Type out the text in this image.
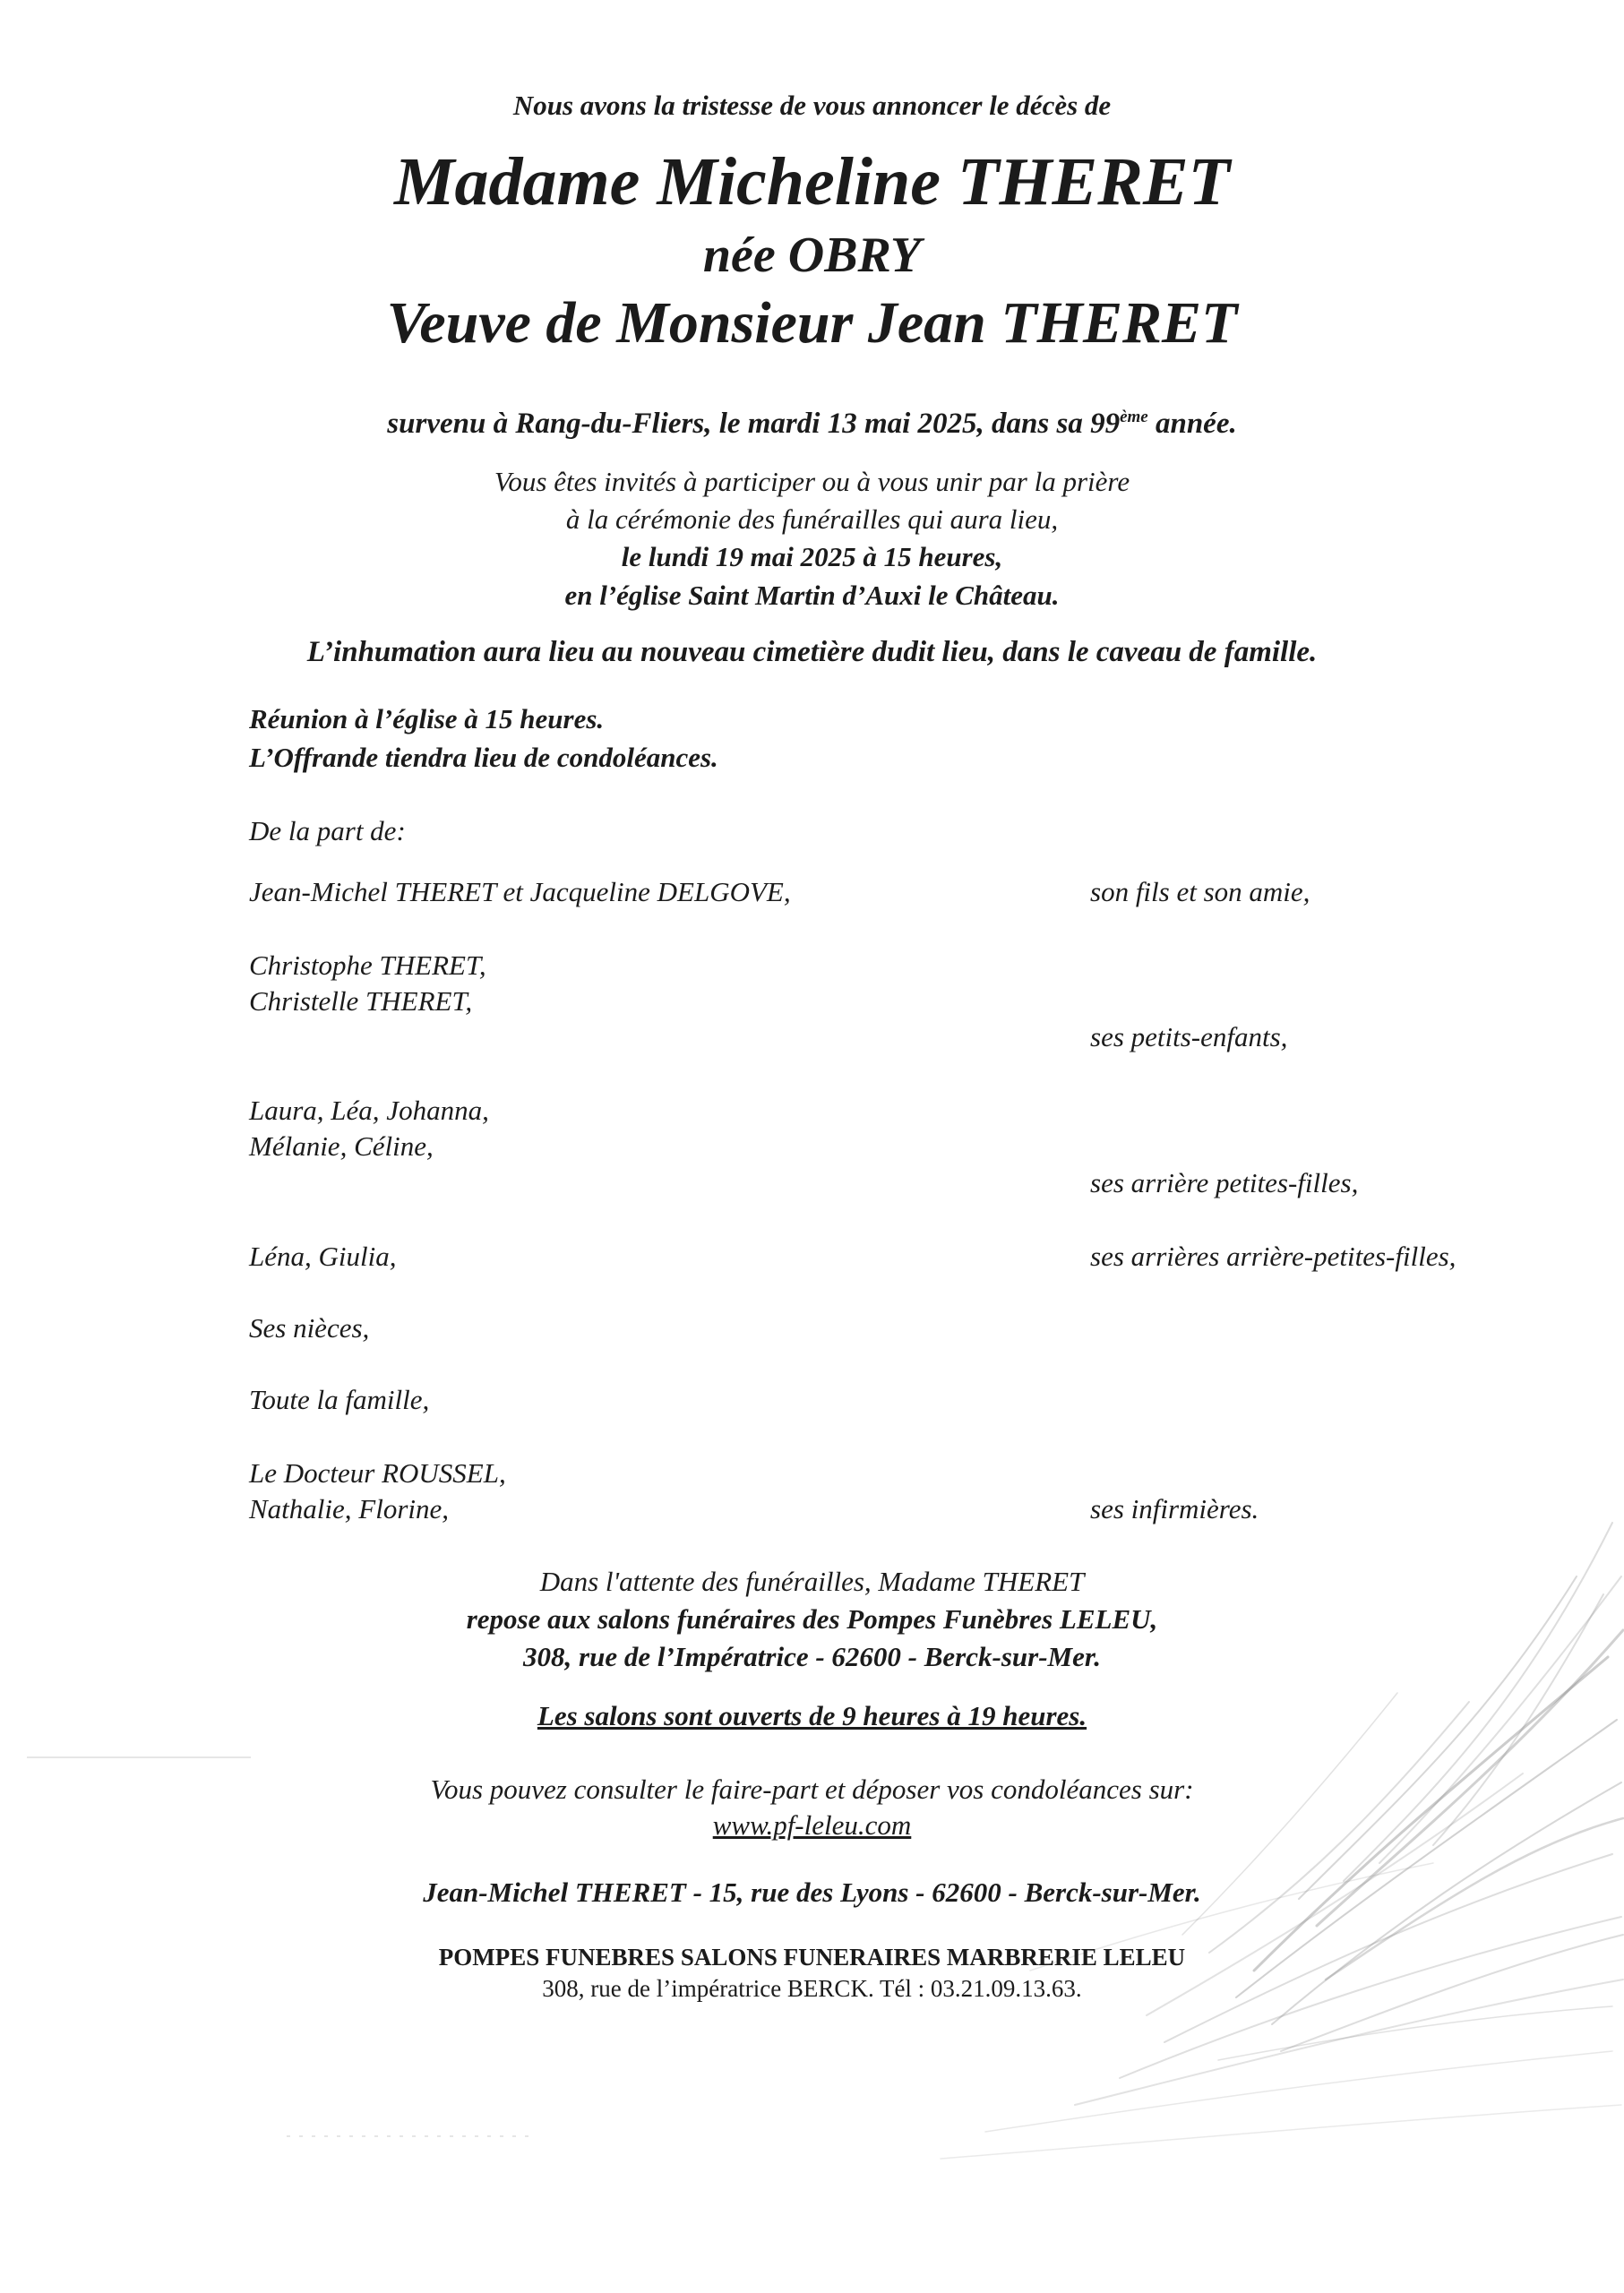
Nous avons la tristesse de vous annoncer le décès de
Madame Micheline THERET
née OBRY
Veuve de Monsieur Jean THERET
survenu à Rang-du-Fliers, le mardi 13 mai 2025, dans sa 99ème année.
Vous êtes invités à participer ou à vous unir par la prière
à la cérémonie des funérailles qui aura lieu,
le lundi 19 mai 2025 à 15 heures,
en l’église Saint Martin d’Auxi le Château.
L’inhumation aura lieu au nouveau cimetière dudit lieu, dans le caveau de famille.
Réunion à l’église à 15 heures.
L’Offrande tiendra lieu de condoléances.
De la part de:
Jean-Michel THERET et Jacqueline DELGOVE,	son fils et son amie,
Christophe THERET,
Christelle THERET,
ses petits-enfants,
Laura, Léa, Johanna,
Mélanie, Céline,
ses arrière petites-filles,
Léna, Giulia,	ses arrières arrière-petites-filles,
Ses nièces,
Toute la famille,
Le Docteur ROUSSEL,
Nathalie, Florine,	ses infirmières.
Dans l'attente des funérailles, Madame THERET
repose aux salons funéraires des Pompes Funèbres LELEU,
308, rue de l’Impératrice - 62600 - Berck-sur-Mer.
Les salons sont ouverts de 9 heures à 19 heures.
Vous pouvez consulter le faire-part et déposer vos condoléances sur:
www.pf-leleu.com
Jean-Michel THERET - 15, rue des Lyons - 62600 - Berck-sur-Mer.
POMPES FUNEBRES SALONS FUNERAIRES MARBRERIE LELEU
308, rue de l’impératrice BERCK. Tél : 03.21.09.13.63.
